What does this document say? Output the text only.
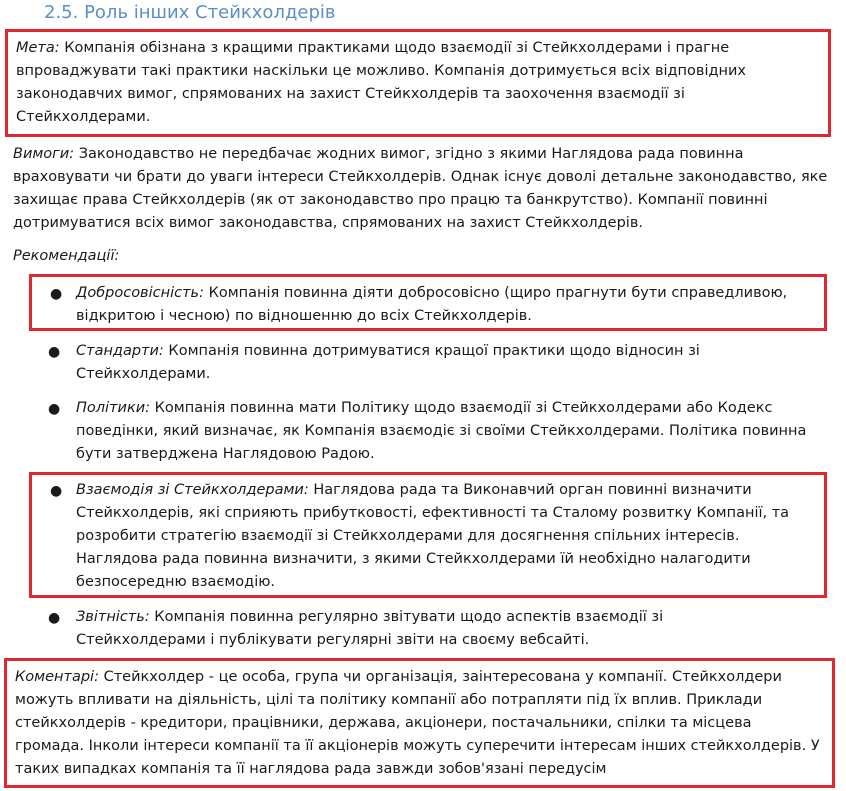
2.5. Роль інших Стейкхолдерів
Мета: Компанія обізнана з кращими практиками щодо взаємодії зі Стейкхолдерами і прагне впроваджувати такі практики наскільки це можливо. Компанія дотримується всіх відповідних законодавчих вимог, спрямованих на захист Стейкхолдерів та заохочення взаємодії зі Стейкхолдерами.
Вимоги: Законодавство не передбачає жодних вимог, згідно з якими Наглядова рада повинна враховувати чи брати до уваги інтереси Стейкхолдерів. Однак існує доволі детальне законодавство, яке захищає права Стейкхолдерів (як от законодавство про працю та банкрутство). Компанії повинні дотримуватися всіх вимог законодавства, спрямованих на захист Стейкхолдерів.
Рекомендації:
● Добросовісність: Компанія повинна діяти добросовісно (щиро прагнути бути справедливою, відкритою і чесною) по відношенню до всіх Стейкхолдерів.
● Стандарти: Компанія повинна дотримуватися кращої практики щодо відносин зі Стейкхолдерами.
● Політики: Компанія повинна мати Політику щодо взаємодії зі Стейкхолдерами або Кодекс поведінки, який визначає, як Компанія взаємодіє зі своїми Стейкхолдерами. Політика повинна бути затверджена Наглядовою Радою.
● Взаємодія зі Стейкхолдерами: Наглядова рада та Виконавчий орган повинні визначити Стейкхолдерів, які сприяють прибутковості, ефективності та Сталому розвитку Компанії, та розробити стратегію взаємодії зі Стейкхолдерами для досягнення спільних інтересів. Наглядова рада повинна визначити, з якими Стейкхолдерами їй необхідно налагодити безпосередню взаємодію.
● Звітність: Компанія повинна регулярно звітувати щодо аспектів взаємодії зі Стейкхолдерами і публікувати регулярні звіти на своєму вебсайті.
Коментарі: Стейкхолдер - це особа, група чи організація, заінтересована у компанії. Стейкхолдери можуть впливати на діяльність, цілі та політику компанії або потрапляти під їх вплив. Приклади стейкхолдерів - кредитори, працівники, держава, акціонери, постачальники, спілки та місцева громада. Інколи інтереси компанії та її акціонерів можуть суперечити інтересам інших стейкхолдерів. У таких випадках компанія та її наглядова рада завжди зобов'язані передусім
